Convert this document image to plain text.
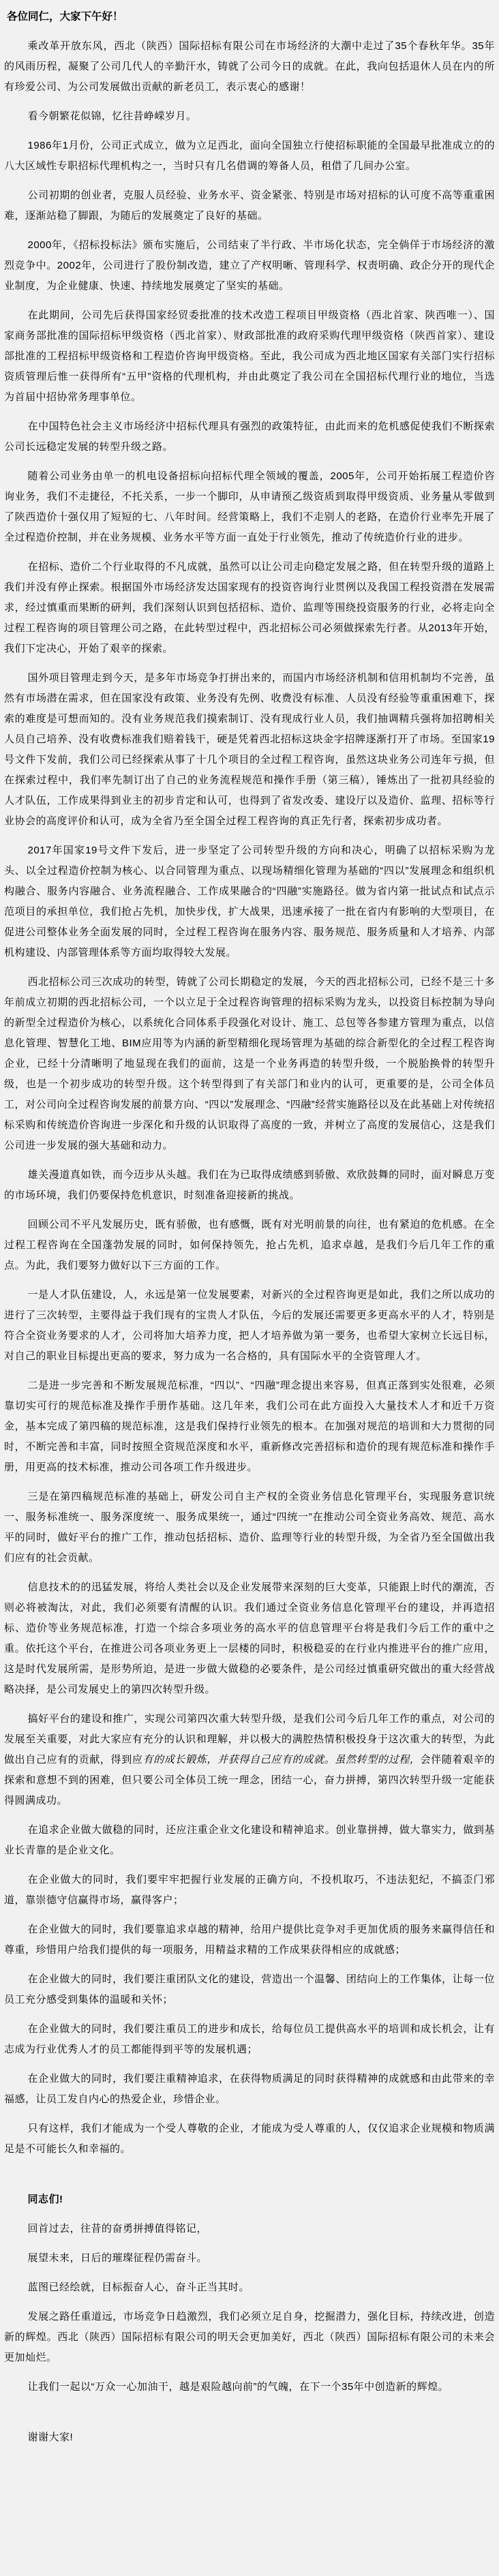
各位同仁，大家下午好！

乘改革开放东风，西北（陕西）国际招标有限公司在市场经济的大潮中走过了35个春秋年华。35年的风雨历程，凝聚了公司几代人的辛勤汗水，铸就了公司今日的成就。在此，我向包括退休人员在内的所有珍爱公司、为公司发展做出贡献的新老员工，表示衷心的感谢！

看今朝繁花似锦，忆往昔峥嵘岁月。

1986年1月份，公司正式成立，做为立足西北，面向全国独立行使招标职能的全国最早批准成立的的八大区域性专职招标代理机构之一，当时只有几名借调的筹备人员，租借了几间办公室。

公司初期的创业者，克服人员经验、业务水平、资金紧张、特别是市场对招标的认可度不高等重重困难，逐渐站稳了脚跟，为随后的发展奠定了良好的基础。

2000年，《招标投标法》颁布实施后，公司结束了半行政、半市场化状态，完全倘佯于市场经济的激烈竞争中。2002年，公司进行了股份制改造，建立了产权明晰、管理科学、权责明确、政企分开的现代企业制度，为企业健康、快速、持续地发展奠定了坚实的基础。

在此期间，公司先后获得国家经贸委批准的技术改造工程项目甲级资格（西北首家、陕西唯一）、国家商务部批准的国际招标甲级资格（西北首家）、财政部批准的政府采购代理甲级资格（陕西首家）、建设部批准的工程招标甲级资格和工程造价咨询甲级资格。至此，我公司成为西北地区国家有关部门实行招标资质管理后惟一获得所有“五甲”资格的代理机构，并由此奠定了我公司在全国招标代理行业的地位，当选为首届中招协常务理事单位。

在中国特色社会主义市场经济中招标代理具有强烈的政策特征，由此而来的危机感促使我们不断探索公司长远稳定发展的转型升级之路。

随着公司业务由单一的机电设备招标向招标代理全领域的覆盖，2005年，公司开始拓展工程造价咨询业务，我们不走捷径，不托关系，一步一个脚印，从申请预乙级资质到取得甲级资质、业务量从零做到了陕西造价十强仅用了短短的七、八年时间。经营策略上，我们不走别人的老路，在造价行业率先开展了全过程造价控制，并在业务规模、业务水平等方面一直处于行业领先，推动了传统造价行业的进步。

在招标、造价二个行业取得的不凡成就，虽然可以让公司走向稳定发展之路，但在转型升级的道路上我们并没有停止探索。根据国外市场经济发达国家现有的投资咨询行业贯例以及我国工程投资潜在发展需求，经过慎重而果断的研判，我们深刻认识到包括招标、造价、监理等围绕投资服务的行业，必将走向全过程工程咨询的项目管理公司之路，在此转型过程中，西北招标公司必须做探索先行者。从2013年开始，我们下定决心，开始了艰辛的探索。

国外项目管理走到今天，是多年市场竞争打拼出来的，而国内市场经济机制和信用机制均不完善，虽然有市场潜在需求，但在国家没有政策、业务没有先例、收费没有标准、人员没有经验等重重困难下，探索的难度是可想而知的。没有业务规范我们摸索制订、没有现成行业人员，我们抽调精兵强将加招聘相关人员自己培养、没有收费标准我们赔着钱干，硬是凭着西北招标这块金字招牌逐渐打开了市场。至国家19号文件下发前，我们公司已经探索从事了十几个项目的全过程工程咨询，虽然这块业务公司连年亏损，但在探索过程中，我们率先制订出了自己的业务流程规范和操作手册（第三稿），锤炼出了一批初具经验的人才队伍，工作成果得到业主的初步肯定和认可，也得到了省发改委、建设厅以及造价、监理、招标等行业协会的高度评价和认可，成为全省乃至全国全过程工程咨询的真正先行者，探索初步成功者。

2017年国家19号文件下发后，进一步坚定了公司转型升级的方向和决心，明确了以招标采购为龙头、以全过程造价控制为核心、以合同管理为重点、以现场精细化管理为基础的“四以”发展理念和组织机构融合、服务内容融合、业务流程融合、工作成果融合的“四融”实施路径。做为省内第一批试点和试点示范项目的承担单位，我们抢占先机，加快步伐，扩大战果，迅速承接了一批在省内有影响的大型项目，在促进公司整体业务全面发展的同时，全过程工程咨询在服务内容、服务规范、服务质量和人才培养、内部机构建设、内部管理体系等方面均取得较大发展。

西北招标公司三次成功的转型，铸就了公司长期稳定的发展，今天的西北招标公司，已经不是三十多年前成立初期的西北招标公司，一个以立足于全过程咨询管理的招标采购为龙头，以投资目标控制为导向的新型全过程造价为核心，以系统化合同体系手段强化对设计、施工、总包等各参建方管理为重点，以信息化管理、智慧化工地、BIM应用等为内涵的新型精细化现场管理为基础的综合新型化的全过程工程咨询企业，已经十分清晰明了地显现在我们的面前，这是一个业务再造的转型升级，一个脱胎换骨的转型升级，也是一个初步成功的转型升级。这个转型得到了有关部门和业内的认可，更重要的是，公司全体员工，对公司向全过程咨询发展的前景方向、“四以”发展理念、“四融”经营实施路径以及在此基础上对传统招标采购和传统造价咨询进一步深化和升级的认识取得了高度的一致，并树立了高度的发展信心，这是我们公司进一步发展的强大基础和动力。

雄关漫道真如铁，而今迈步从头越。我们在为已取得成绩感到骄傲、欢欣鼓舞的同时，面对瞬息万变的市场环境，我们仍要保持危机意识，时刻准备迎接新的挑战。

回顾公司不平凡发展历史，既有骄傲，也有感慨，既有对光明前景的向往，也有紧迫的危机感。在全过程工程咨询在全国蓬勃发展的同时，如何保持领先，抢占先机，追求卓越，是我们今后几年工作的重点。为此，我们要努力做好以下三方面的工作。

一是人才队伍建设，人，永远是第一位发展要素，对新兴的全过程咨询更是如此，我们之所以成功的进行了三次转型，主要得益于我们现有的宝贵人才队伍，今后的发展还需要更多更高水平的人才，特别是符合全资业务要求的人才，公司将加大培养力度，把人才培养做为第一要务，也希望大家树立长远目标，对自己的职业目标提出更高的要求，努力成为一名合格的，具有国际水平的全资管理人才。

二是进一步完善和不断发展规范标准，“四以”、“四融”理念提出来容易，但真正落到实处很难，必须靠切实可行的规范标准及操作手册作基础。这几年来，我们公司在此方面投入大量技术人才和近千万资金，基本完成了第四稿的规范标准，这是我们保持行业领先的根本。在加强对规范的培训和大力贯彻的同时，不断完善和丰富，同时按照全资规范深度和水平，重新修改完善招标和造价的现有规范标准和操作手册，用更高的技术标准，推动公司各项工作升级进步。

三是在第四稿规范标准的基础上，研发公司自主产权的全资业务信息化管理平台，实现服务意识统一、服务标准统一、服务深度统一、服务成果统一，通过“四统一”在推动公司全资业务高效、规范、高水平的同时，做好平台的推广工作，推动包括招标、造价、监理等行业的转型升级，为全省乃至全国做出我们应有的社会贡献。

信息技术的的迅猛发展，将给人类社会以及企业发展带来深刻的巨大变革，只能跟上时代的潮流，否则必将被淘汰，对此，我们必须要有清醒的认识。我们通过全资业务信息化管理平台的建设，并再造招标、造价等业务规范标准，打造一个综合多项业务的高水平的信息管理平台将是我们今后工作的重中之重。依托这个平台，在推进公司各项业务更上一层楼的同时，积极稳妥的在行业内推进平台的推广应用，这是时代发展所需，是形势所迫，是进一步做大做稳的必要条件，是公司经过慎重研究做出的重大经营战略决择，是公司发展史上的第四次转型升级。

搞好平台的建设和推广，实现公司第四次重大转型升级，是我们公司今后几年工作的重点，对公司的发展至关重要，对此大家应有充分的认识和理解，并以极大的满腔热情积极投身于这次重大的转型，为此做出自己应有的贡献，得到应有的成长锻炼，并获得自己应有的成就。虽然转型的过程，会伴随着艰辛的探索和意想不到的困难，但只要公司全体员工统一理念，团结一心，奋力拼搏，第四次转型升级一定能获得圆满成功。

在追求企业做大做稳的同时，还应注重企业文化建设和精神追求。创业靠拼搏，做大靠实力，做到基业长青靠的是企业文化。

在企业做大的同时，我们要牢牢把握行业发展的正确方向，不投机取巧，不违法犯纪，不搞歪门邪道，靠崇德守信赢得市场，赢得客户；

在企业做大的同时，我们要靠追求卓越的精神，给用户提供比竞争对手更加优质的服务来赢得信任和尊重，珍惜用户给我们提供的每一项服务，用精益求精的工作成果获得相应的成就感；

在企业做大的同时，我们要注重团队文化的建设，营造出一个温馨、团结向上的工作集体，让每一位员工充分感受到集体的温暖和关怀；

在企业做大的同时，我们要注重员工的进步和成长，给每位员工提供高水平的培训和成长机会，让有志成为行业优秀人才的员工都能得到平等的发展机遇；

在企业做大的同时，我们要注重精神追求，在获得物质满足的同时获得精神的成就感和由此带来的幸福感，让员工发自内心的热爱企业，珍惜企业。

只有这样，我们才能成为一个受人尊敬的企业，才能成为受人尊重的人，仅仅追求企业规模和物质满足是不可能长久和幸福的。

同志们!

回首过去，往昔的奋勇拼搏值得铭记，

展望未来，日后的璀璨征程仍需奋斗。

蓝图已经绘就，目标振奋人心，奋斗正当其时。

发展之路任重道远，市场竞争日趋激烈，我们必须立足自身，挖掘潜力，强化目标，持续改进，创造新的辉煌。西北（陕西）国际招标有限公司的明天会更加美好，西北（陕西）国际招标有限公司的未来会更加灿烂。

让我们一起以“万众一心加油干，越是艰险越向前”的气魄，在下一个35年中创造新的辉煌。

谢谢大家!
